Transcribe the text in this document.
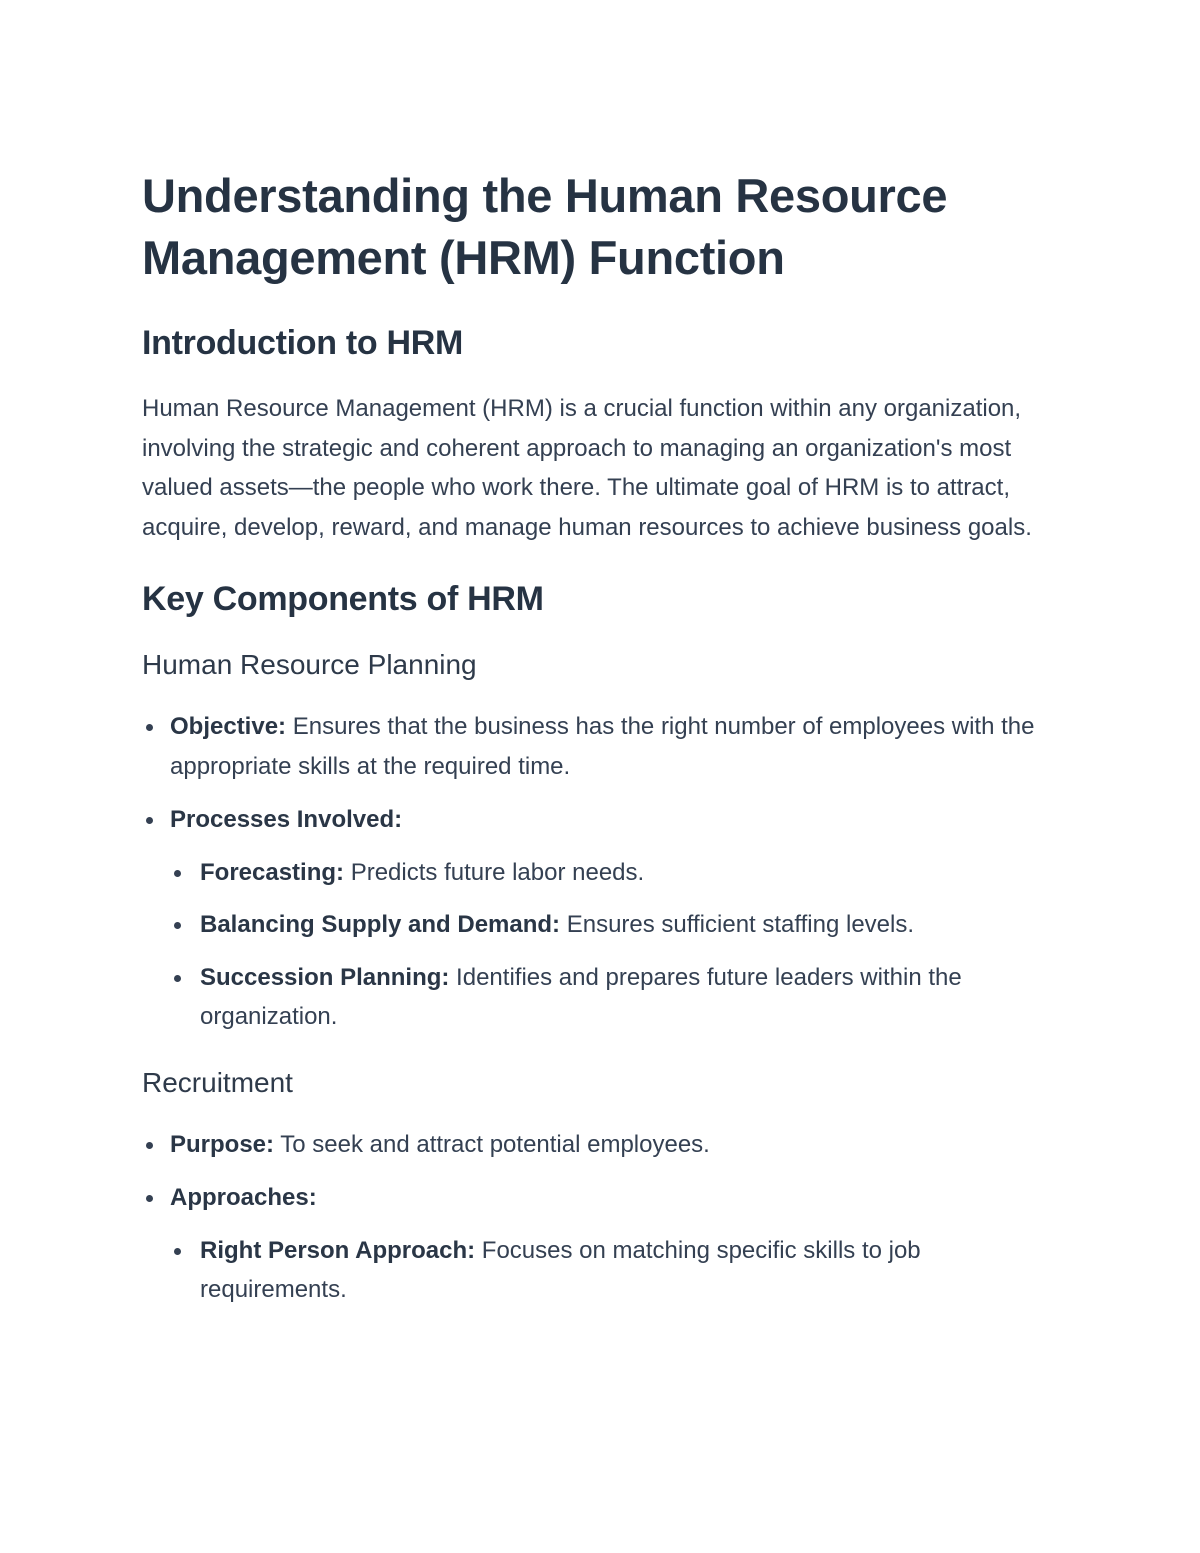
Understanding the Human Resource Management (HRM) Function
Introduction to HRM

Human Resource Management (HRM) is a crucial function within any organization, involving the strategic and coherent approach to managing an organization's most valued assets—the people who work there. The ultimate goal of HRM is to attract, acquire, develop, reward, and manage human resources to achieve business goals.

Key Components of HRM
Human Resource Planning
Objective: Ensures that the business has the right number of employees with the appropriate skills at the required time.
Processes Involved:
Forecasting: Predicts future labor needs.
Balancing Supply and Demand: Ensures sufficient staffing levels.
Succession Planning: Identifies and prepares future leaders within the organization.
Recruitment
Purpose: To seek and attract potential employees.
Approaches:
Right Person Approach: Focuses on matching specific skills to job requirements.
